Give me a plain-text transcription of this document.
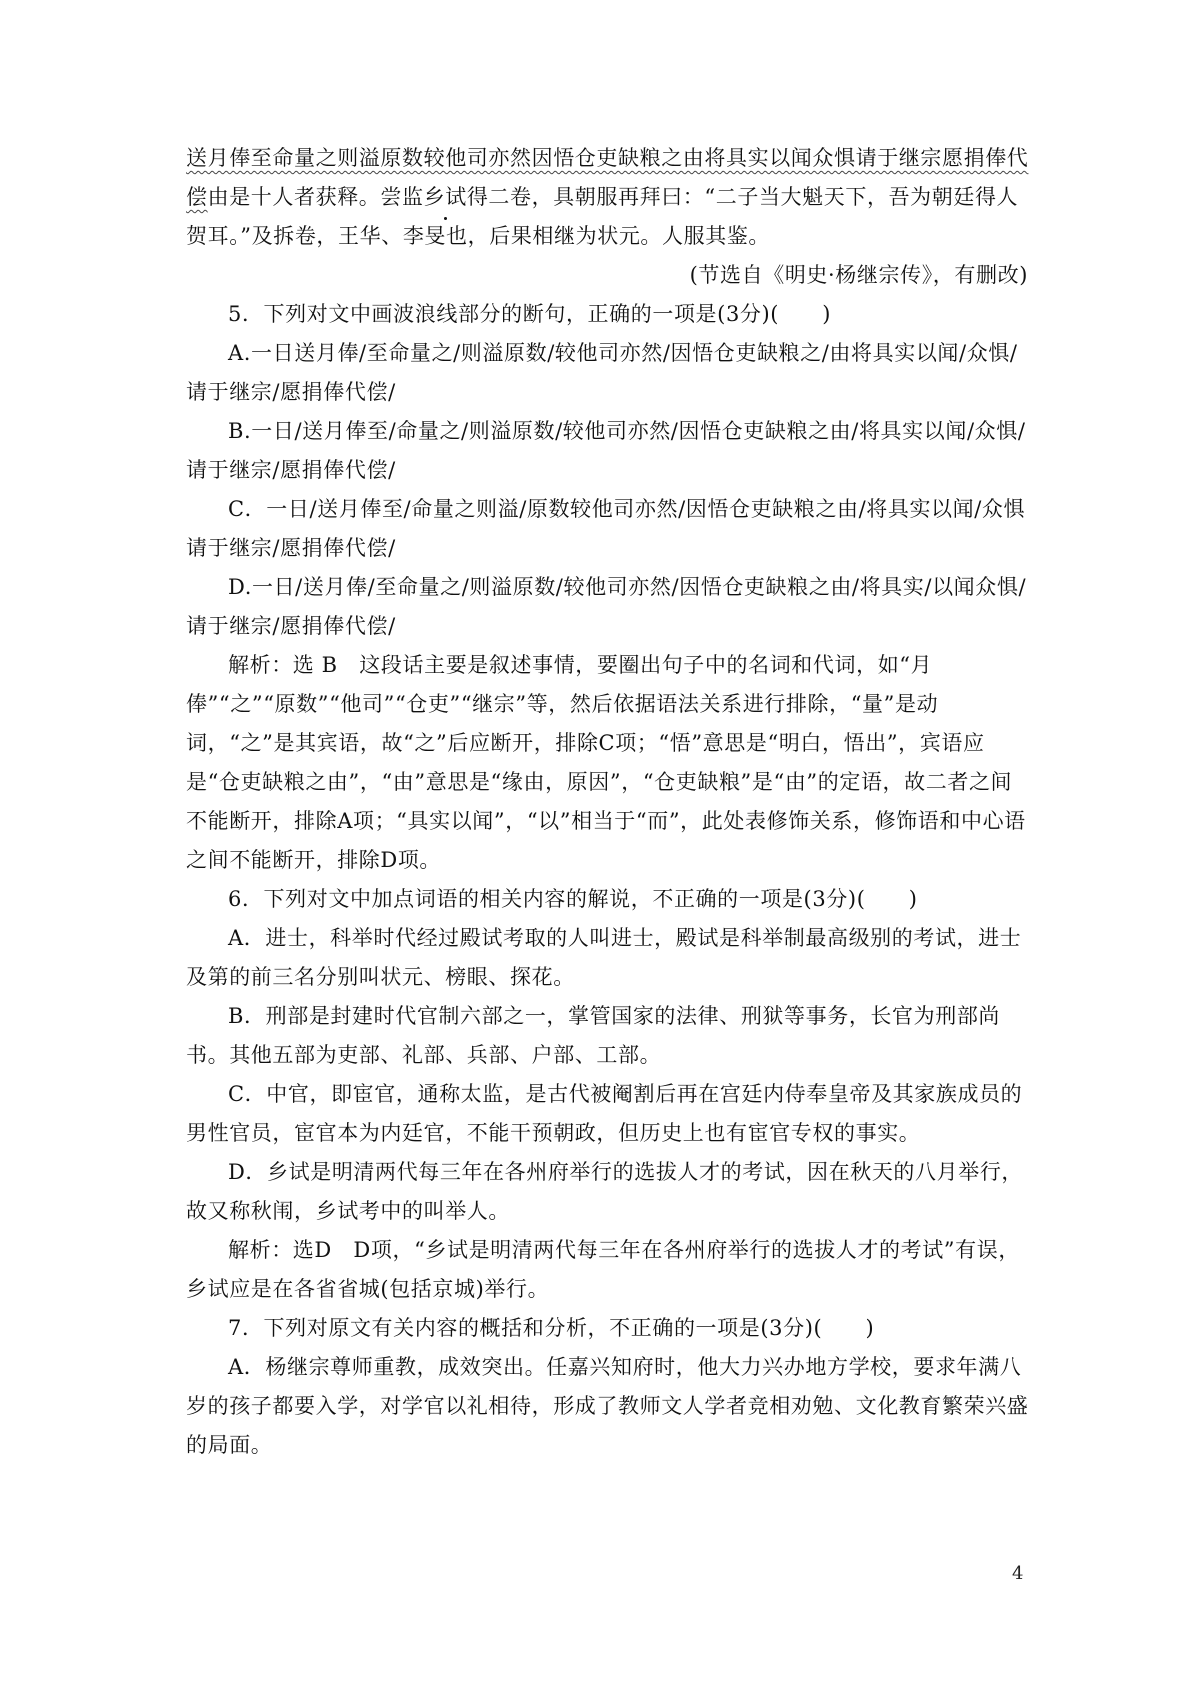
送月俸至命量之则溢原数较他司亦然因悟仓吏缺粮之由将具实以闻众惧请于继宗愿捐俸代偿由是十人者获释。尝监乡试得二卷，具朝服再拜曰：“二子当大魁天下，吾为朝廷得人贺耳。”及拆卷，王华、李旻也，后果相继为状元。人服其鉴。

(节选自《明史·杨继宗传》，有删改)

5．下列对文中画波浪线部分的断句，正确的一项是(3分)(　　)

A.一日送月俸/至命量之/则溢原数/较他司亦然/因悟仓吏缺粮之/由将具实以闻/众惧/请于继宗/愿捐俸代偿/

B.一日/送月俸至/命量之/则溢原数/较他司亦然/因悟仓吏缺粮之由/将具实以闻/众惧/请于继宗/愿捐俸代偿/

C．一日/送月俸至/命量之则溢/原数较他司亦然/因悟仓吏缺粮之由/将具实以闻/众惧请于继宗/愿捐俸代偿/

D.一日/送月俸/至命量之/则溢原数/较他司亦然/因悟仓吏缺粮之由/将具实/以闻众惧/请于继宗/愿捐俸代偿/

解析：选 B　这段话主要是叙述事情，要圈出句子中的名词和代词，如“月俸”“之”“原数”“他司”“仓吏”“继宗”等，然后依据语法关系进行排除，“量”是动词，“之”是其宾语，故“之”后应断开，排除C项；“悟”意思是“明白，悟出”，宾语应是“仓吏缺粮之由”，“由”意思是“缘由，原因”，“仓吏缺粮”是“由”的定语，故二者之间不能断开，排除A项；“具实以闻”，“以”相当于“而”，此处表修饰关系，修饰语和中心语之间不能断开，排除D项。

6．下列对文中加点词语的相关内容的解说，不正确的一项是(3分)(　　)

A．进士，科举时代经过殿试考取的人叫进士，殿试是科举制最高级别的考试，进士及第的前三名分别叫状元、榜眼、探花。

B．刑部是封建时代官制六部之一，掌管国家的法律、刑狱等事务，长官为刑部尚书。其他五部为吏部、礼部、兵部、户部、工部。

C．中官，即宦官，通称太监，是古代被阉割后再在宫廷内侍奉皇帝及其家族成员的男性官员，宦官本为内廷官，不能干预朝政，但历史上也有宦官专权的事实。

D．乡试是明清两代每三年在各州府举行的选拔人才的考试，因在秋天的八月举行，故又称秋闱，乡试考中的叫举人。

解析：选D　D项，“乡试是明清两代每三年在各州府举行的选拔人才的考试”有误，乡试应是在各省省城(包括京城)举行。

7．下列对原文有关内容的概括和分析，不正确的一项是(3分)(　　)

A．杨继宗尊师重教，成效突出。任嘉兴知府时，他大力兴办地方学校，要求年满八岁的孩子都要入学，对学官以礼相待，形成了教师文人学者竞相劝勉、文化教育繁荣兴盛的局面。

4
